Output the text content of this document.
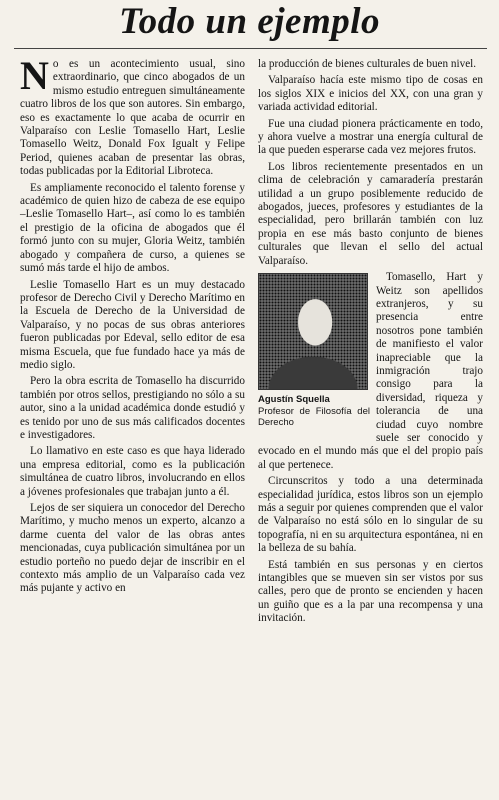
Todo un ejemplo

No es un acontecimiento usual, sino extraordinario, que cinco abogados de un mismo estudio entreguen simultáneamente cuatro libros de los que son autores. Sin embargo, eso es exactamente lo que acaba de ocurrir en Valparaíso con Leslie Tomasello Hart, Leslie Tomasello Weitz, Donald Fox Igualt y Felipe Period, quienes acaban de presentar las obras, todas publicadas por la Editorial Libroteca.

Es ampliamente reconocido el talento forense y académico de quien hizo de cabeza de ese equipo –Leslie Tomasello Hart–, así como lo es también el prestigio de la oficina de abogados que él formó junto con su mujer, Gloria Weitz, también abogado y compañera de curso, a quienes se sumó más tarde el hijo de ambos.

Leslie Tomasello Hart es un muy destacado profesor de Derecho Civil y Derecho Marítimo en la Escuela de Derecho de la Universidad de Valparaíso, y no pocas de sus obras anteriores fueron publicadas por Edeval, sello editor de esa misma Escuela, que fue fundado hace ya más de medio siglo.

Pero la obra escrita de Tomasello ha discurrido también por otros sellos, prestigiando no sólo a su autor, sino a la unidad académica donde estudió y es tenido por uno de sus más calificados docentes e investigadores.

Lo llamativo en este caso es que haya liderado una empresa editorial, como es la publicación simultánea de cuatro libros, involucrando en ellos a jóvenes profesionales que trabajan junto a él.

Lejos de ser siquiera un conocedor del Derecho Marítimo, y mucho menos un experto, alcanzo a darme cuenta del valor de las obras antes mencionadas, cuya publicación simultánea por un estudio porteño no puedo dejar de inscribir en el contexto más amplio de un Valparaíso cada vez más pujante y activo en

la producción de bienes culturales de buen nivel.

Valparaíso hacía este mismo tipo de cosas en los siglos XIX e inicios del XX, con una gran y variada actividad editorial.

Fue una ciudad pionera prácticamente en todo, y ahora vuelve a mostrar una energía cultural de la que pueden esperarse cada vez mejores frutos.

Los libros recientemente presentados en un clima de celebración y camaradería prestarán utilidad a un grupo posiblemente reducido de abogados, jueces, profesores y estudiantes de la especialidad, pero brillarán también con luz propia en ese más basto conjunto de bienes culturales que llevan el sello del actual Valparaíso.

Agustín Squella
Profesor de Filosofía del Derecho

Tomasello, Hart y Weitz son apellidos extranjeros, y su presencia entre nosotros pone también de manifiesto el valor inapreciable que la inmigración trajo consigo para la diversidad, riqueza y tolerancia de una ciudad cuyo nombre suele ser conocido y evocado en el mundo más que el del propio país al que pertenece.

Circunscritos y todo a una determinada especialidad jurídica, estos libros son un ejemplo más a seguir por quienes comprenden que el valor de Valparaíso no está sólo en lo singular de su topografía, ni en su arquitectura espontánea, ni en la belleza de su bahía.

Está también en sus personas y en ciertos intangibles que se mueven sin ser vistos por sus calles, pero que de pronto se encienden y hacen un guiño que es a la par una recompensa y una invitación.
